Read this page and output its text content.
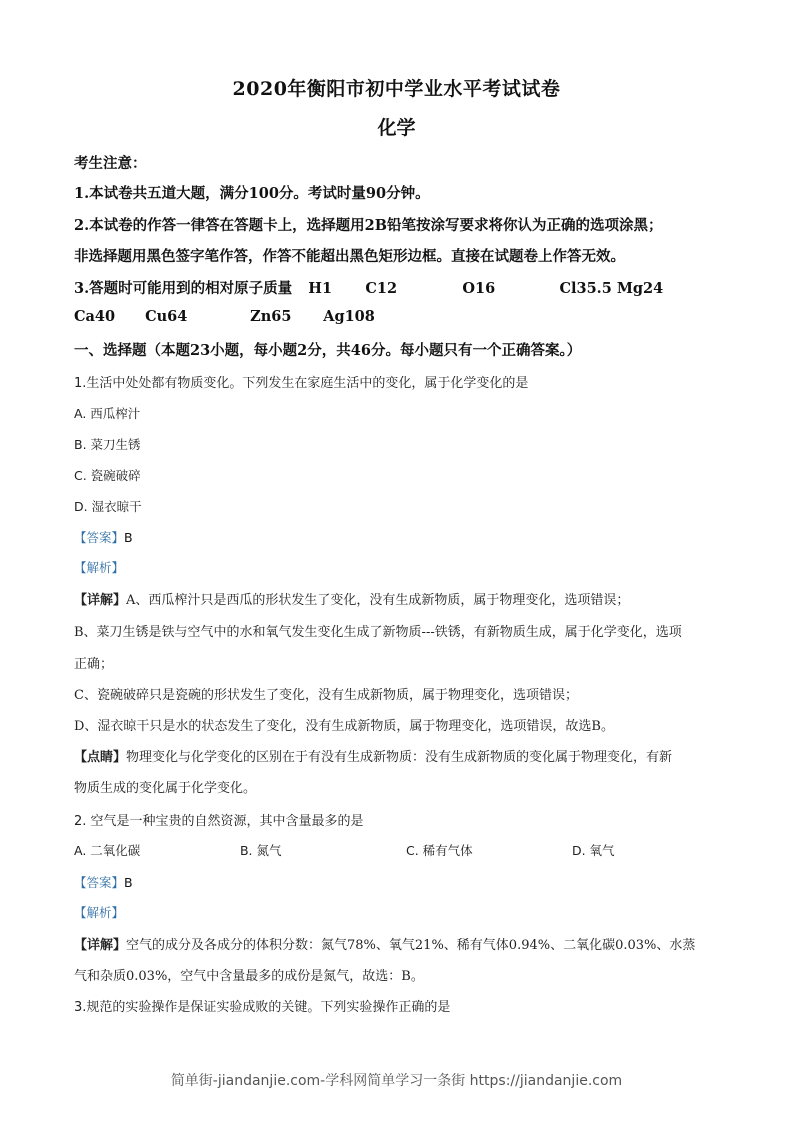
2020年衡阳市初中学业水平考试试卷
化学
考生注意：
1.本试卷共五道大题，满分100分。考试时量90分钟。
2.本试卷的作答一律答在答题卡上，选择题用2B铅笔按涂写要求将你认为正确的选项涂黑；
非选择题用黑色签字笔作答，作答不能超出黑色矩形边框。直接在试题卷上作答无效。
3.答题时可能用到的相对原子质量 H1 C12	O16	Cl35.5 Mg24
Ca40 Cu64	Zn65 Ag108
一、选择题（本题23小题，每小题2分，共46分。每小题只有一个正确答案。）
1.生活中处处都有物质变化。下列发生在家庭生活中的变化，属于化学变化的是
A. 西瓜榨汁
B. 菜刀生锈
C. 瓷碗破碎
D. 湿衣晾干
【答案】B
【解析】
【详解】A、西瓜榨汁只是西瓜的形状发生了变化，没有生成新物质，属于物理变化，选项错误；
B、菜刀生锈是铁与空气中的水和氧气发生变化生成了新物质---铁锈，有新物质生成，属于化学变化，选项
正确；
C、瓷碗破碎只是瓷碗的形状发生了变化，没有生成新物质，属于物理变化，选项错误；
D、湿衣晾干只是水的状态发生了变化，没有生成新物质，属于物理变化，选项错误，故选B。
【点睛】物理变化与化学变化的区别在于有没有生成新物质：没有生成新物质的变化属于物理变化，有新
物质生成的变化属于化学变化。
2. 空气是一种宝贵的自然资源，其中含量最多的是
A. 二氧化碳	B. 氮气	C. 稀有气体	D. 氧气
【答案】B
【解析】
【详解】空气的成分及各成分的体积分数：氮气78%、氧气21%、稀有气体0.94%、二氧化碳0.03%、水蒸
气和杂质0.03%，空气中含量最多的成份是氮气，故选：B。
3.规范的实验操作是保证实验成败的关键。下列实验操作正确的是
简单街-jiandanjie.com-学科网简单学习一条街 https://jiandanjie.com
